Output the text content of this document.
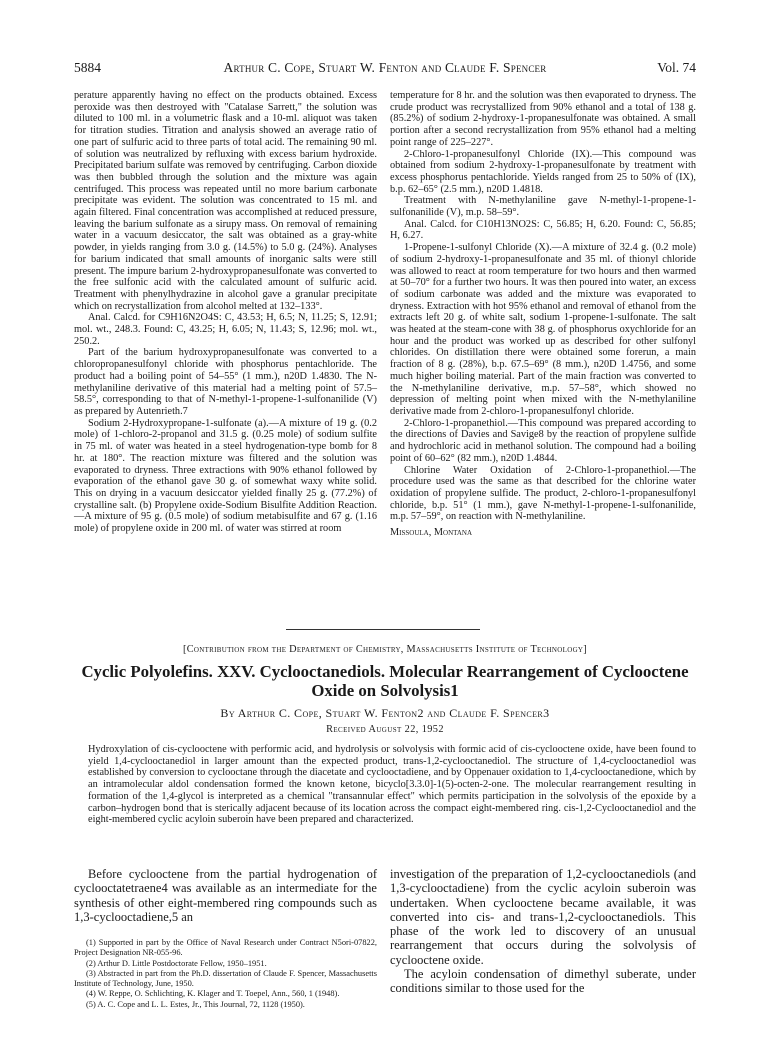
5884	Arthur C. Cope, Stuart W. Fenton and Claude F. Spencer	Vol. 74

perature apparently having no effect on the products obtained. Excess peroxide was then destroyed with "Catalase Sarrett," the solution was diluted to 100 ml. in a volumetric flask and a 10-ml. aliquot was taken for titration studies. Titration and analysis showed an average ratio of one part of sulfuric acid to three parts of total acid. The remaining 90 ml. of solution was neutralized by refluxing with excess barium hydroxide. Precipitated barium sulfate was removed by centrifuging. Carbon dioxide was then bubbled through the solution and the mixture was again centrifuged. This process was repeated until no more barium carbonate precipitate was evident. The solution was concentrated to 15 ml. and again filtered. Final concentration was accomplished at reduced pressure, leaving the barium sulfonate as a sirupy mass. On removal of remaining water in a vacuum desiccator, the salt was obtained as a gray-white powder, in yields ranging from 3.0 g. (14.5%) to 5.0 g. (24%). Analyses for barium indicated that small amounts of inorganic salts were still present. The impure barium 2-hydroxypropanesulfonate was converted to the free sulfonic acid with the calculated amount of sulfuric acid. Treatment with phenylhydrazine in alcohol gave a granular precipitate which on recrystallization from alcohol melted at 132–133°.

Anal. Calcd. for C9H16N2O4S: C, 43.53; H, 6.5; N, 11.25; S, 12.91; mol. wt., 248.3. Found: C, 43.25; H, 6.05; N, 11.43; S, 12.96; mol. wt., 250.2.

Part of the barium hydroxypropanesulfonate was converted to a chloropropanesulfonyl chloride with phosphorus pentachloride. The product had a boiling point of 54–55° (1 mm.), n20D 1.4830. The N-methylaniline derivative of this material had a melting point of 57.5–58.5°, corresponding to that of N-methyl-1-propene-1-sulfonanilide (V) as prepared by Autenrieth.7

Sodium 2-Hydroxypropane-1-sulfonate (a).—A mixture of 19 g. (0.2 mole) of 1-chloro-2-propanol and 31.5 g. (0.25 mole) of sodium sulfite in 75 ml. of water was heated in a steel hydrogenation-type bomb for 8 hr. at 180°. The reaction mixture was filtered and the solution was evaporated to dryness. Three extractions with 90% ethanol followed by evaporation of the ethanol gave 30 g. of somewhat waxy white solid. This on drying in a vacuum desiccator yielded finally 25 g. (77.2%) of crystalline salt. (b) Propylene oxide-Sodium Bisulfite Addition Reaction.—A mixture of 95 g. (0.5 mole) of sodium metabisulfite and 67 g. (1.16 mole) of propylene oxide in 200 ml. of water was stirred at room

temperature for 8 hr. and the solution was then evaporated to dryness. The crude product was recrystallized from 90% ethanol and a total of 138 g. (85.2%) of sodium 2-hydroxy-1-propanesulfonate was obtained. A small portion after a second recrystallization from 95% ethanol had a melting point range of 225–227°.

2-Chloro-1-propanesulfonyl Chloride (IX).—This compound was obtained from sodium 2-hydroxy-1-propanesulfonate by treatment with excess phosphorus pentachloride. Yields ranged from 25 to 50% of (IX), b.p. 62–65° (2.5 mm.), n20D 1.4818.

Treatment with N-methylaniline gave N-methyl-1-propene-1-sulfonanilide (V), m.p. 58–59°.

Anal. Calcd. for C10H13NO2S: C, 56.85; H, 6.20. Found: C, 56.85; H, 6.27.

1-Propene-1-sulfonyl Chloride (X).—A mixture of 32.4 g. (0.2 mole) of sodium 2-hydroxy-1-propanesulfonate and 35 ml. of thionyl chloride was allowed to react at room temperature for two hours and then warmed at 50–70° for a further two hours. It was then poured into water, an excess of sodium carbonate was added and the mixture was evaporated to dryness. Extraction with hot 95% ethanol and removal of ethanol from the extracts left 20 g. of white salt, sodium 1-propene-1-sulfonate. The salt was heated at the steam-cone with 38 g. of phosphorus oxychloride for an hour and the product was worked up as described for other sulfonyl chlorides. On distillation there were obtained some forerun, a main fraction of 8 g. (28%), b.p. 67.5–69° (8 mm.), n20D 1.4756, and some much higher boiling material. Part of the main fraction was converted to the N-methylaniline derivative, m.p. 57–58°, which showed no depression of melting point when mixed with the N-methylaniline derivative made from 2-chloro-1-propanesulfonyl chloride.

2-Chloro-1-propanethiol.—This compound was prepared according to the directions of Davies and Savige8 by the reaction of propylene sulfide and hydrochloric acid in methanol solution. The compound had a boiling point of 60–62° (82 mm.), n20D 1.4844.

Chlorine Water Oxidation of 2-Chloro-1-propanethiol.—The procedure used was the same as that described for the chlorine water oxidation of propylene sulfide. The product, 2-chloro-1-propanesulfonyl chloride, b.p. 51° (1 mm.), gave N-methyl-1-propene-1-sulfonanilide, m.p. 57–59°, on reaction with N-methylaniline.

Missoula, Montana

[Contribution from the Department of Chemistry, Massachusetts Institute of Technology]
Cyclic Polyolefins. XXV. Cyclooctanediols. Molecular Rearrangement of Cyclooctene
Oxide on Solvolysis1
By Arthur C. Cope, Stuart W. Fenton2 and Claude F. Spencer3
Received August 22, 1952

Hydroxylation of cis-cyclooctene with performic acid, and hydrolysis or solvolysis with formic acid of cis-cyclooctene oxide, have been found to yield 1,4-cyclooctanediol in larger amount than the expected product, trans-1,2-cyclooctanediol. The structure of 1,4-cyclooctanediol was established by conversion to cyclooctane through the diacetate and cyclooctadiene, and by Oppenauer oxidation to 1,4-cyclooctanedione, which by an intramolecular aldol condensation formed the known ketone, bicyclo[3.3.0]-1(5)-octen-2-one. The molecular rearrangement resulting in formation of the 1,4-glycol is interpreted as a chemical "transannular effect" which permits participation in the solvolysis of the epoxide by a carbon–hydrogen bond that is sterically adjacent because of its location across the compact eight-membered ring. cis-1,2-Cyclooctanediol and the eight-membered cyclic acyloin suberoin have been prepared and characterized.

Before cyclooctene from the partial hydrogenation of cyclooctatetraene4 was available as an intermediate for the synthesis of other eight-membered ring compounds such as 1,3-cyclooctadiene,5 an

(1) Supported in part by the Office of Naval Research under Contract N5ori-07822, Project Designation NR-055-96.
(2) Arthur D. Little Postdoctorate Fellow, 1950–1951.
(3) Abstracted in part from the Ph.D. dissertation of Claude F. Spencer, Massachusetts Institute of Technology, June, 1950.
(4) W. Reppe, O. Schlichting, K. Klager and T. Toepel, Ann., 560, 1 (1948).
(5) A. C. Cope and L. L. Estes, Jr., This Journal, 72, 1128 (1950).

investigation of the preparation of 1,2-cyclooctanediols (and 1,3-cyclooctadiene) from the cyclic acyloin suberoin was undertaken. When cyclooctene became available, it was converted into cis- and trans-1,2-cyclooctanediols. This phase of the work led to discovery of an unusual rearrangement that occurs during the solvolysis of cyclooctene oxide.

The acyloin condensation of dimethyl suberate, under conditions similar to those used for the
